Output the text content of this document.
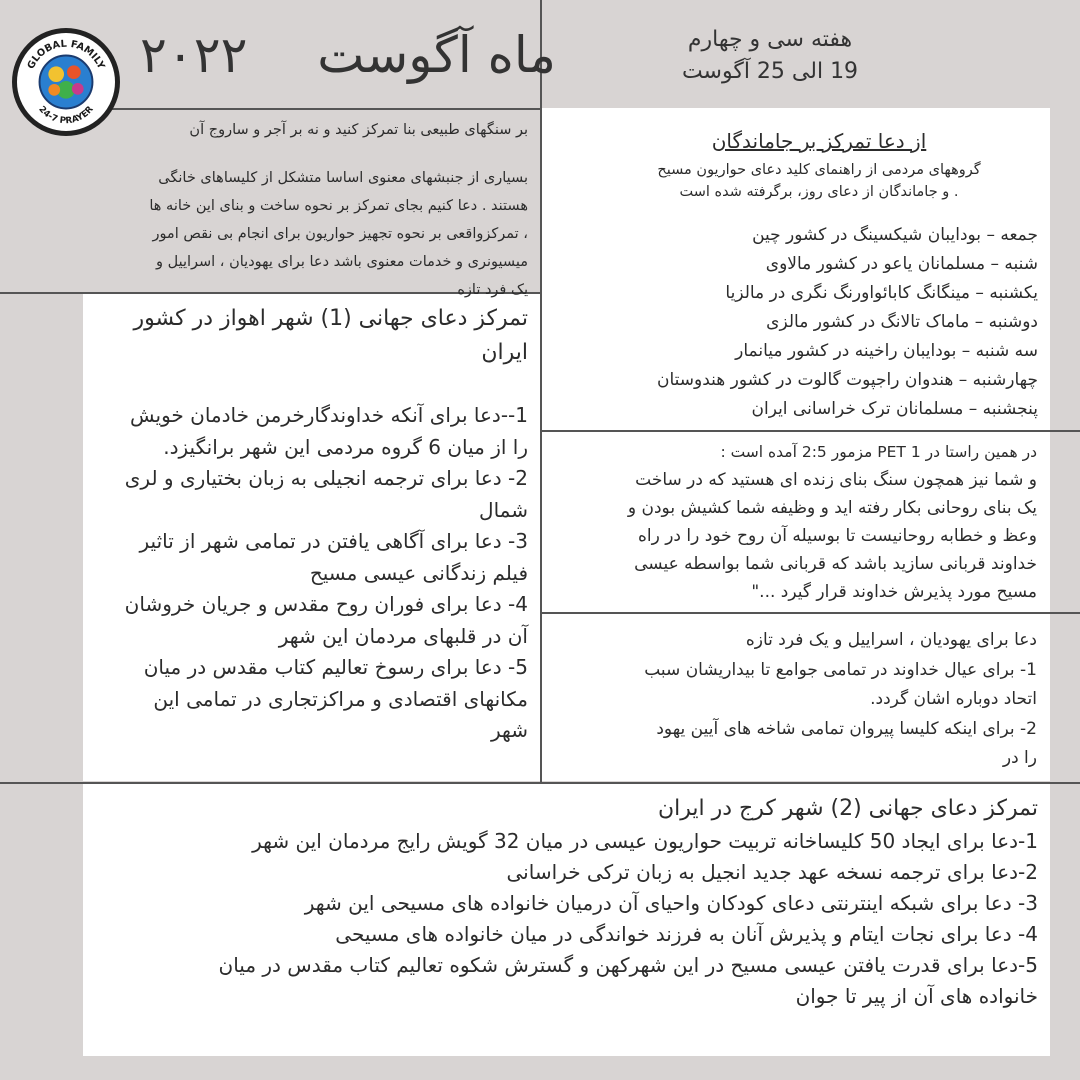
GLOBAL FAMILY
24-7 PRAYER
۲۰۲۲ ماه آگوست	هفته سی و چهارم
19 الی 25 آگوست
بر سنگهای طبیعی بنا تمرکز کنید و نه بر آجر و ساروج آن
بسیاری از جنبشهای معنوی اساسا متشکل از کلیساهای خانگی
هستند . دعا کنیم بجای تمرکز بر نحوه ساخت و بنای این خانه ها
، تمرکزواقعی بر نحوه تجهیز حواریون برای انجام بی نقص امور
میسیونری و خدمات معنوی باشد دعا برای یهودیان ، اسراییل و
یک فرد تازه
از دعا تمرکز بر جاماندگان
گروههای مردمی از راهنمای کلید دعای حواریون مسیح
. و جاماندگان از دعای روز، برگرفته شده است
جمعه – بودایبان شیکسینگ در کشور چین
شنبه – مسلمانان یاعو در کشور مالاوی
یکشنبه – مینگانگ کابائواورنگ نگری در مالزیا
دوشنبه – ماماک تالانگ در کشور مالزی
سه شنبه – بودایبان راخینه در کشور میانمار
چهارشنبه – هندوان راجپوت گالوت در کشور هندوستان
پنجشنبه – مسلمانان ترک خراسانی ایران
تمرکز دعای جهانی (1) شهر اهواز در کشور
ایران
1--دعا برای آنکه خداوندگارخرمن خادمان خویش
را از میان 6 گروه مردمی این شهر برانگیزد.
2- دعا برای ترجمه انجیلی به زبان بختیاری و لری
شمال
3- دعا برای آگاهی یافتن در تمامی شهر از تاثیر
فیلم زندگانی عیسی مسیح
4- دعا برای فوران روح مقدس و جریان خروشان
آن در قلبهای مردمان این شهر
5- دعا برای رسوخ تعالیم کتاب مقدس در میان
مکانهای اقتصادی و مراکزتجاری در تمامی این
شهر
در همین راستا در 1 PET مزمور 2:5 آمده است :
و شما نیز همچون سنگ بنای زنده ای هستید که در ساخت
یک بنای روحانی بکار رفته اید و وظیفه شما کشیش بودن و
وعظ و خطابه روحانیست تا بوسیله آن روح خود را در راه
خداوند قربانی سازید باشد که قربانی شما بواسطه عیسی
مسیح مورد پذیرش خداوند قرار گیرد ..."
دعا برای یهودیان ، اسراییل و یک فرد تازه
1- برای عیال خداوند در تمامی جوامع تا بیداریشان سبب
اتحاد دوباره اشان گردد.
2- برای اینکه کلیسا پیروان تمامی شاخه های آیین یهود
را در
تمرکز دعای جهانی (2) شهر کرج در ایران
1-دعا برای ایجاد 50 کلیساخانه تربیت حواریون عیسی در میان 32 گویش رایج مردمان این شهر
2-دعا برای ترجمه نسخه عهد جدید انجیل به زبان ترکی خراسانی
3- دعا برای شبکه اینترنتی دعای کودکان واحیای آن درمیان خانواده های مسیحی این شهر
4- دعا برای نجات ایتام و پذیرش آنان به فرزند خواندگی در میان خانواده های مسیحی
5-دعا برای قدرت یافتن عیسی مسیح در این شهرکهن و گسترش شکوه تعالیم کتاب مقدس در میان
خانواده های آن از پیر تا جوان
